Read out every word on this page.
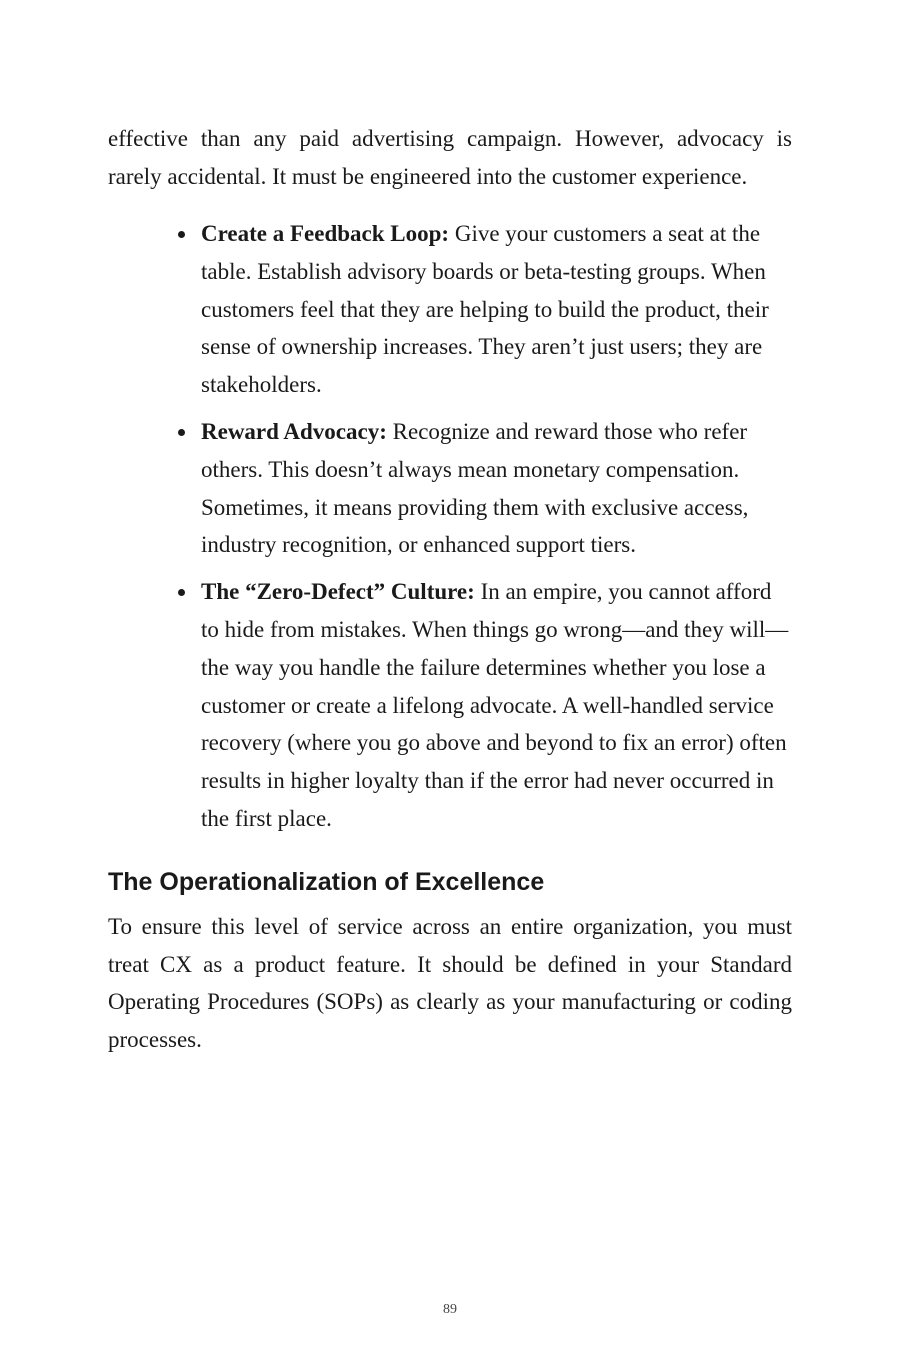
effective than any paid advertising campaign. However, advocacy is rarely accidental. It must be engineered into the customer experience.

Create a Feedback Loop: Give your customers a seat at the table. Establish advisory boards or beta-testing groups. When customers feel that they are helping to build the product, their sense of ownership increases. They aren’t just users; they are stakeholders.
Reward Advocacy: Recognize and reward those who refer others. This doesn’t always mean monetary compensation. Sometimes, it means providing them with exclusive access, industry recognition, or enhanced support tiers.
The “Zero-Defect” Culture: In an empire, you cannot afford to hide from mistakes. When things go wrong—and they will—the way you handle the failure determines whether you lose a customer or create a lifelong advocate. A well-handled service recovery (where you go above and beyond to fix an error) often results in higher loyalty than if the error had never occurred in the first place.
The Operationalization of Excellence

To ensure this level of service across an entire organization, you must treat CX as a product feature. It should be defined in your Standard Operating Procedures (SOPs) as clearly as your manufacturing or coding processes.

89
